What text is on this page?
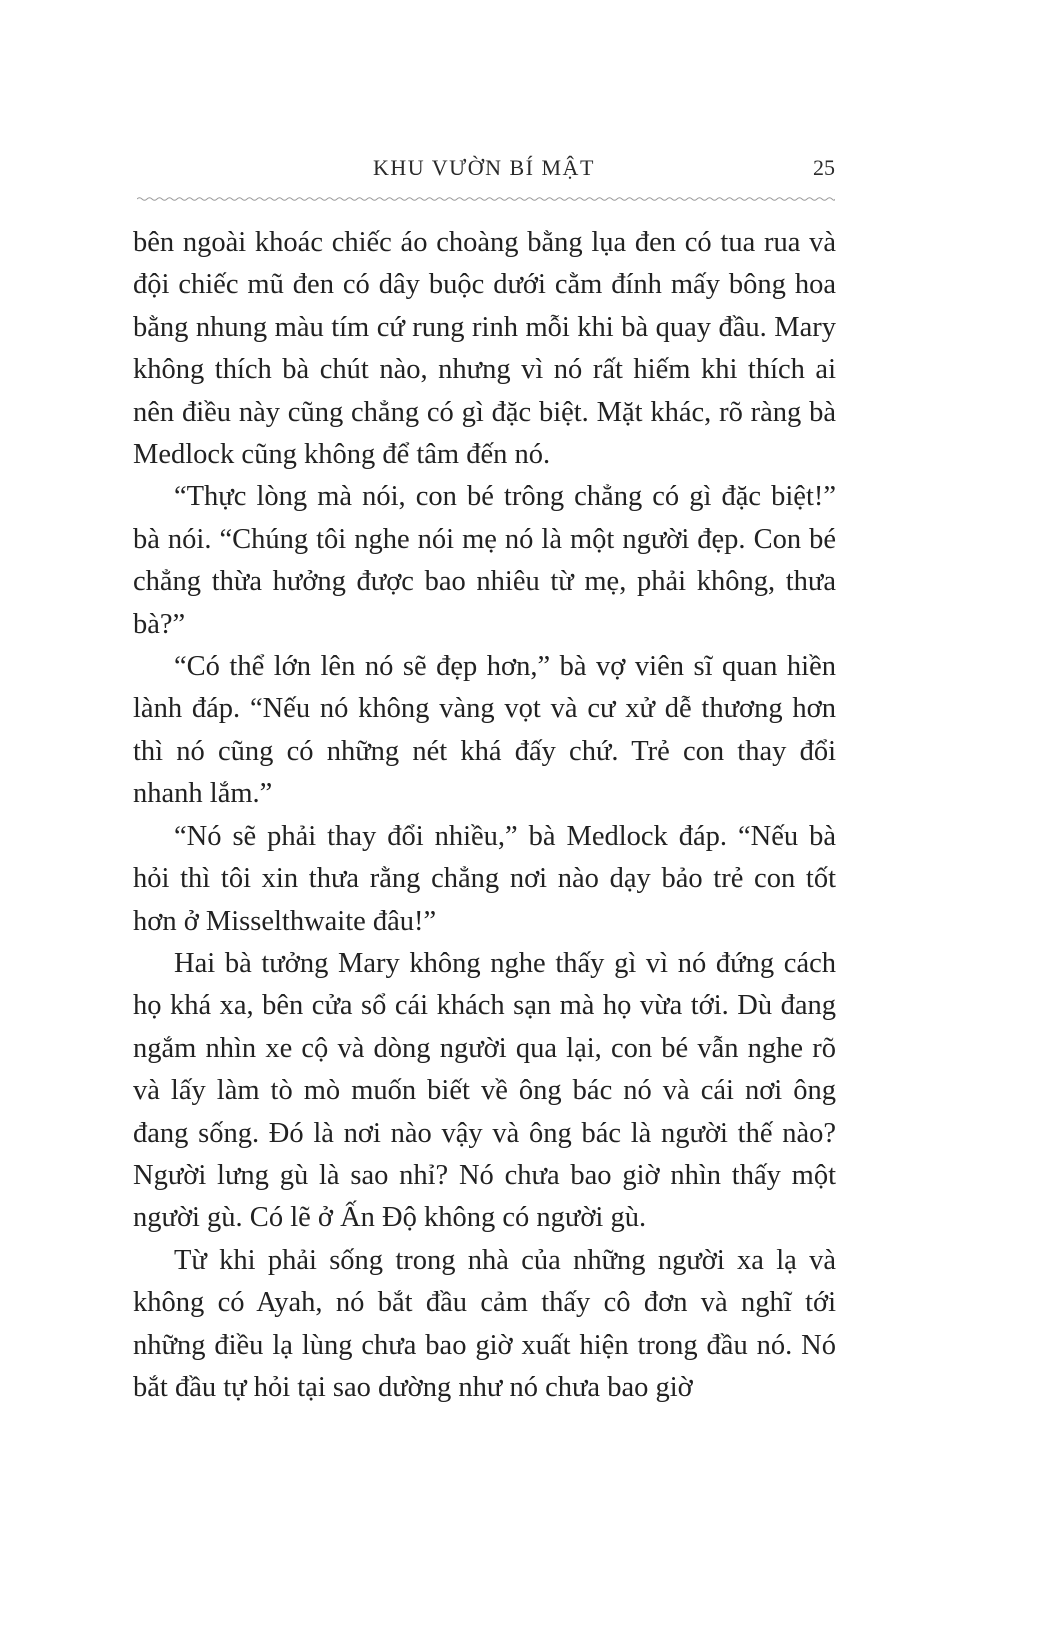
KHU VƯỜN BÍ MẬT	25

bên ngoài khoác chiếc áo choàng bằng lụa đen có tua rua và đội chiếc mũ đen có dây buộc dưới cằm đính mấy bông hoa bằng nhung màu tím cứ rung rinh mỗi khi bà quay đầu. Mary không thích bà chút nào, nhưng vì nó rất hiếm khi thích ai nên điều này cũng chẳng có gì đặc biệt. Mặt khác, rõ ràng bà Medlock cũng không để tâm đến nó.

“Thực lòng mà nói, con bé trông chẳng có gì đặc biệt!” bà nói. “Chúng tôi nghe nói mẹ nó là một người đẹp. Con bé chẳng thừa hưởng được bao nhiêu từ mẹ, phải không, thưa bà?”

“Có thể lớn lên nó sẽ đẹp hơn,” bà vợ viên sĩ quan hiền lành đáp. “Nếu nó không vàng vọt và cư xử dễ thương hơn thì nó cũng có những nét khá đấy chứ. Trẻ con thay đổi nhanh lắm.”

“Nó sẽ phải thay đổi nhiều,” bà Medlock đáp. “Nếu bà hỏi thì tôi xin thưa rằng chẳng nơi nào dạy bảo trẻ con tốt hơn ở Misselthwaite đâu!”

Hai bà tưởng Mary không nghe thấy gì vì nó đứng cách họ khá xa, bên cửa sổ cái khách sạn mà họ vừa tới. Dù đang ngắm nhìn xe cộ và dòng người qua lại, con bé vẫn nghe rõ và lấy làm tò mò muốn biết về ông bác nó và cái nơi ông đang sống. Đó là nơi nào vậy và ông bác là người thế nào? Người lưng gù là sao nhỉ? Nó chưa bao giờ nhìn thấy một người gù. Có lẽ ở Ấn Độ không có người gù.

Từ khi phải sống trong nhà của những người xa lạ và không có Ayah, nó bắt đầu cảm thấy cô đơn và nghĩ tới những điều lạ lùng chưa bao giờ xuất hiện trong đầu nó. Nó bắt đầu tự hỏi tại sao dường như nó chưa bao giờ
